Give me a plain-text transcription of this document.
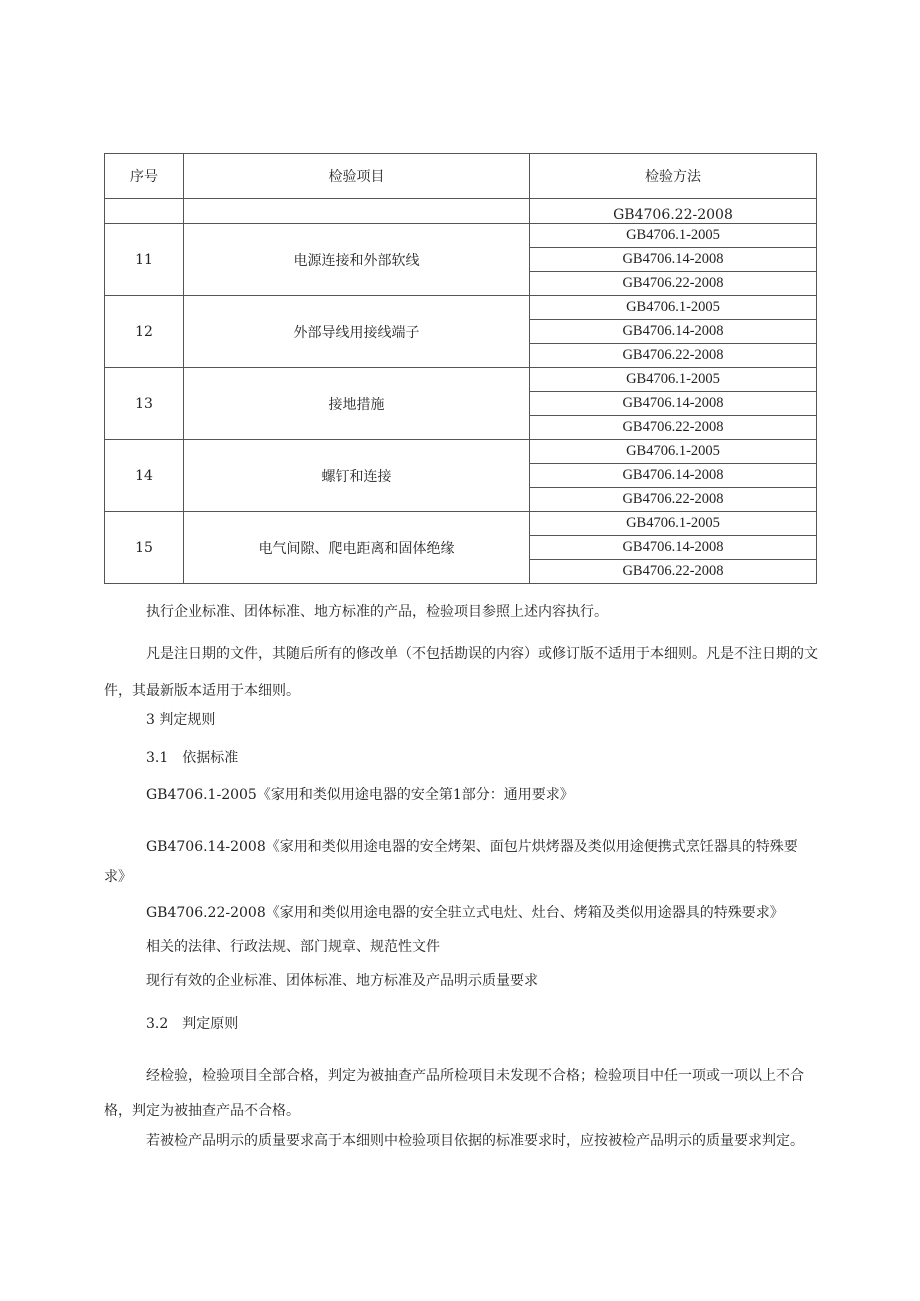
序号	检验项目	检验方法
		GB4706.22-2008
11	电源连接和外部软线	GB4706.1-2005
		GB4706.14-2008
		GB4706.22-2008
12	外部导线用接线端子	GB4706.1-2005
		GB4706.14-2008
		GB4706.22-2008
13	接地措施	GB4706.1-2005
		GB4706.14-2008
		GB4706.22-2008
14	螺钉和连接	GB4706.1-2005
		GB4706.14-2008
		GB4706.22-2008
15	电气间隙、爬电距离和固体绝缘	GB4706.1-2005
		GB4706.14-2008
		GB4706.22-2008
执行企业标准、团体标准、地方标准的产品，检验项目参照上述内容执行。
凡是注日期的文件，其随后所有的修改单（不包括勘误的内容）或修订版不适用于本细则。凡是不注日期的文件，其最新版本适用于本细则。
3 判定规则
3.1　依据标准
GB4706.1-2005《家用和类似用途电器的安全第1部分：通用要求》
GB4706.14-2008《家用和类似用途电器的安全烤架、面包片烘烤器及类似用途便携式烹饪器具的特殊要求》
GB4706.22-2008《家用和类似用途电器的安全驻立式电灶、灶台、烤箱及类似用途器具的特殊要求》
相关的法律、行政法规、部门规章、规范性文件
现行有效的企业标准、团体标准、地方标准及产品明示质量要求
3.2　判定原则
经检验，检验项目全部合格，判定为被抽查产品所检项目未发现不合格；检验项目中任一项或一项以上不合格，判定为被抽查产品不合格。
若被检产品明示的质量要求高于本细则中检验项目依据的标准要求时，应按被检产品明示的质量要求判定。
